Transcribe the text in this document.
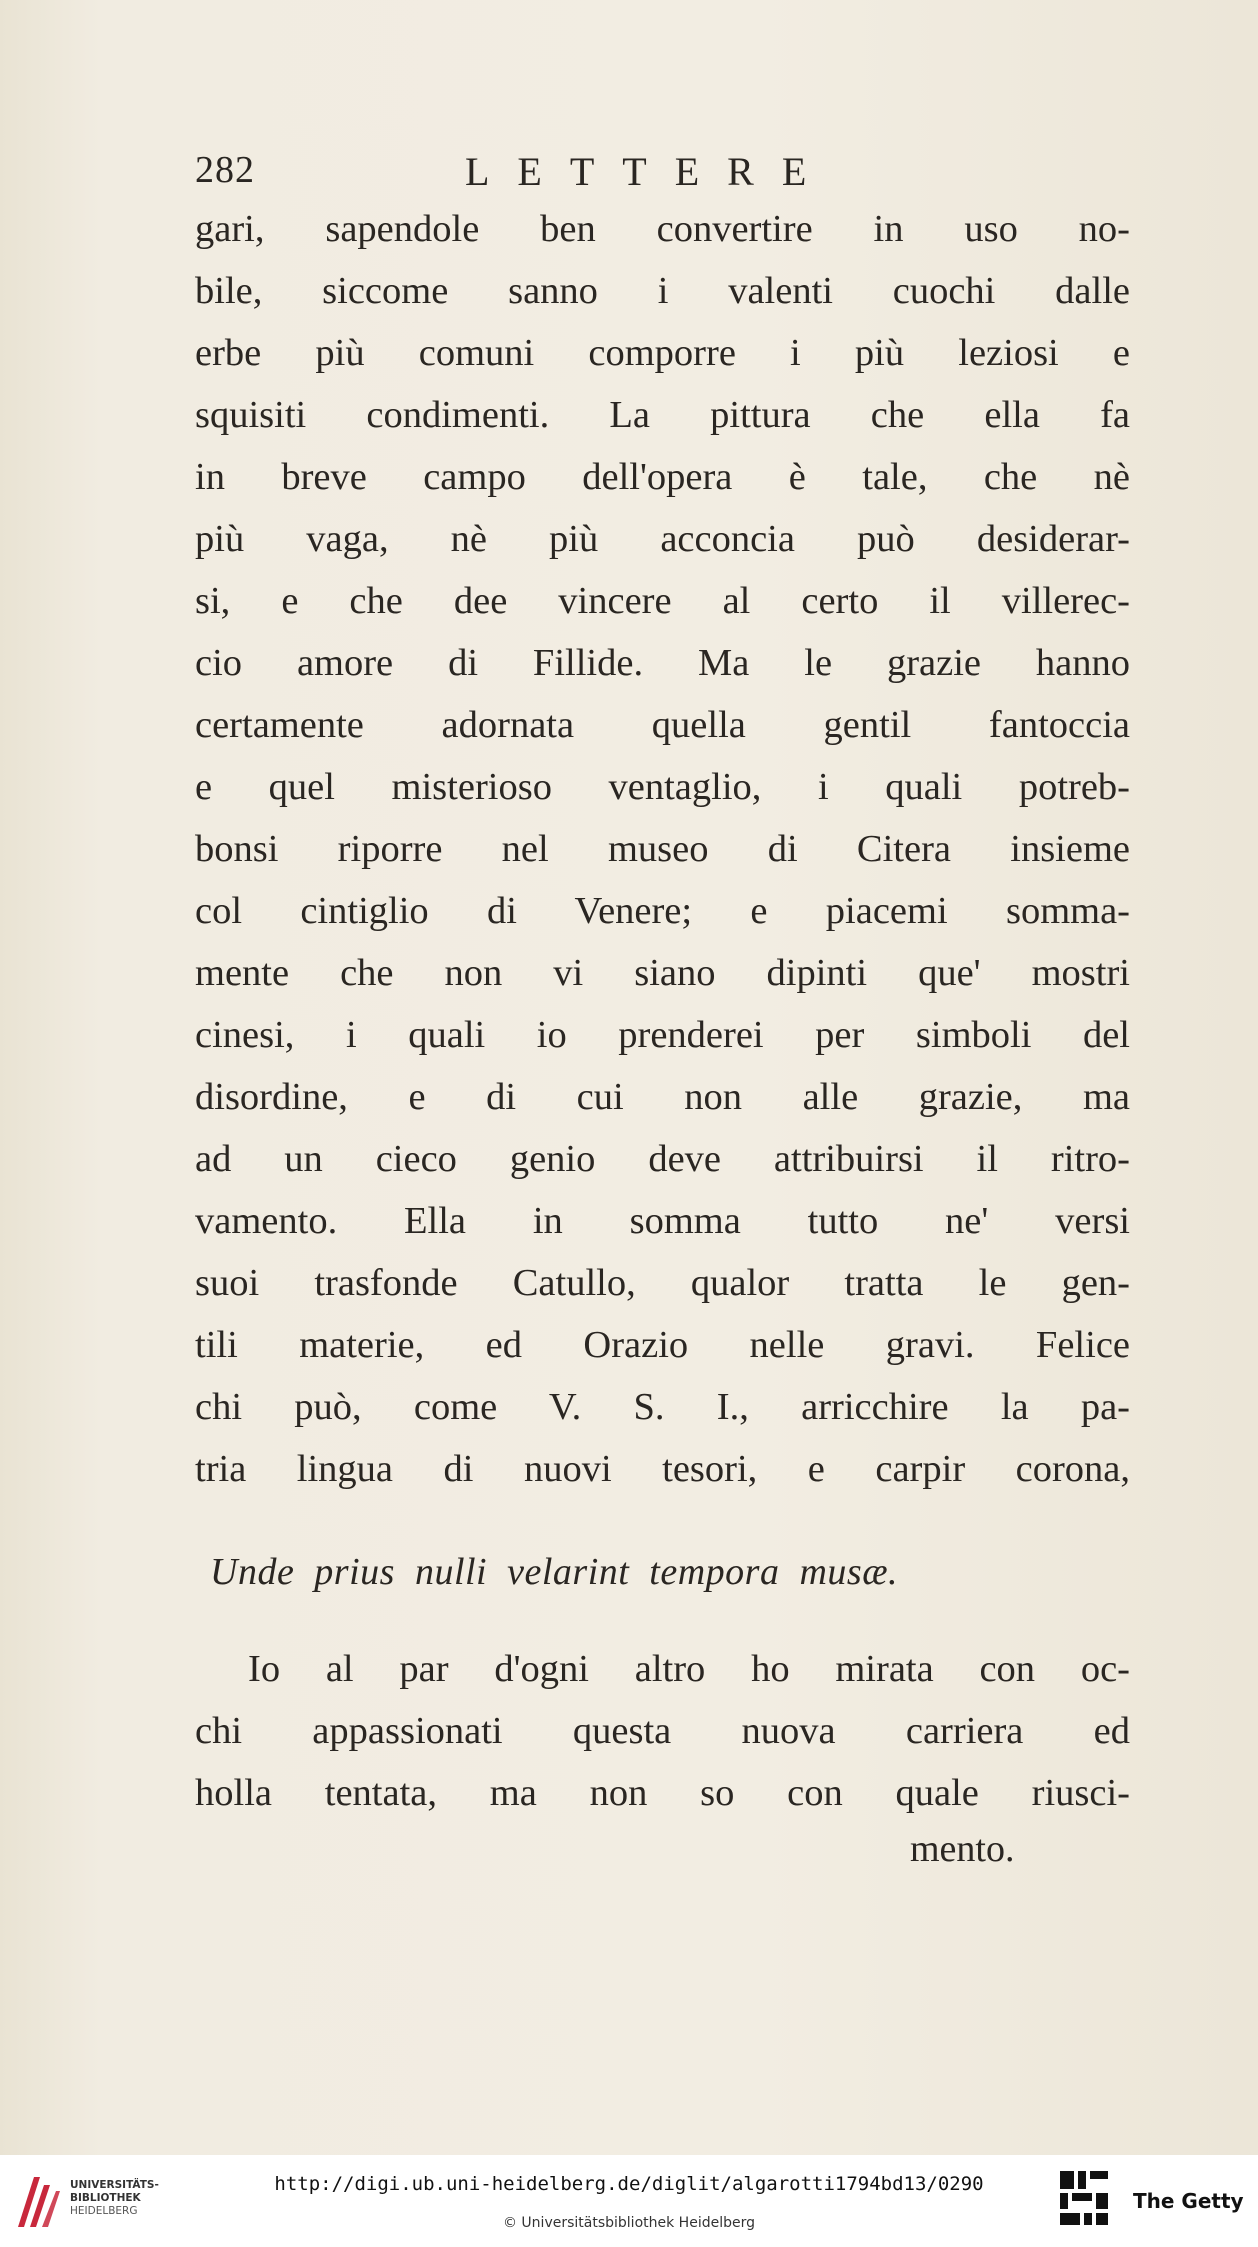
282	LETTERE
gari, sapendole ben convertire in uso no-
bile, siccome sanno i valenti cuochi dalle
erbe più comuni comporre i più leziosi e
squisiti condimenti. La pittura che ella fa
in breve campo dell'opera è tale, che nè
più vaga, nè più acconcia può desiderar-
si, e che dee vincere al certo il villerec-
cio amore di Fillide. Ma le grazie hanno
certamente adornata quella gentil fantoccia
e quel misterioso ventaglio, i quali potreb-
bonsi riporre nel museo di Citera insieme
col cintiglio di Venere; e piacemi somma-
mente che non vi siano dipinti que' mostri
cinesi, i quali io prenderei per simboli del
disordine, e di cui non alle grazie, ma
ad un cieco genio deve attribuirsi il ritro-
vamento. Ella in somma tutto ne' versi
suoi trasfonde Catullo, qualor tratta le gen-
tili materie, ed Orazio nelle gravi. Felice
chi può, come V. S. I., arricchire la pa-
tria lingua di nuovi tesori, e carpir corona,
Unde prius nulli velarint tempora musæ.
Io al par d'ogni altro ho mirata con oc-
chi appassionati questa nuova carriera ed
holla tentata, ma non so con quale riusci-
mento.
UNIVERSITÄTS-
BIBLIOTHEK
HEIDELBERG
http://digi.ub.uni-heidelberg.de/diglit/algarotti1794bd13/0290
© Universitätsbibliothek Heidelberg
The Getty
